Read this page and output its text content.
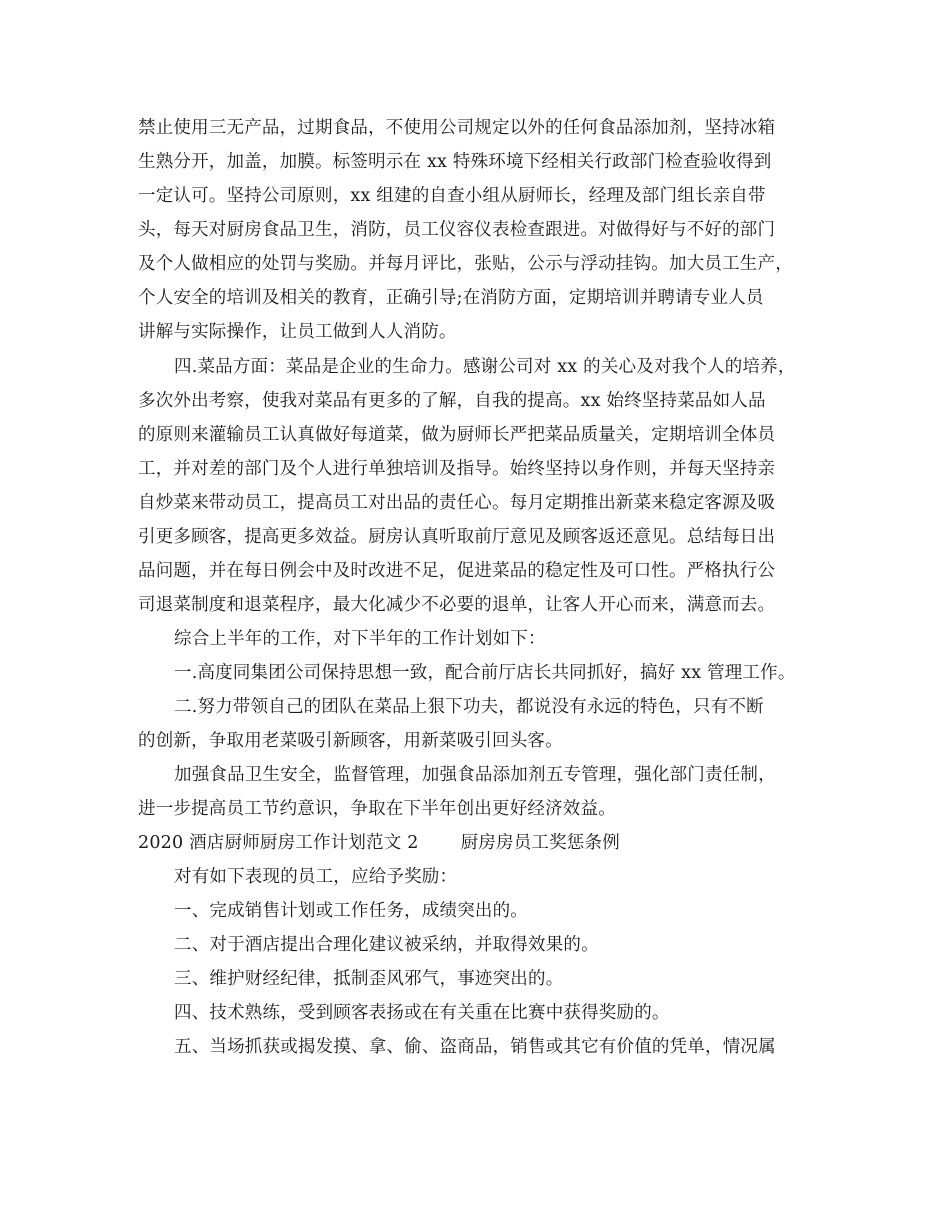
禁止使用三无产品，过期食品，不使用公司规定以外的任何食品添加剂，坚持冰箱
生熟分开，加盖，加膜。标签明示在 xx 特殊环境下经相关行政部门检查验收得到
一定认可。坚持公司原则，xx 组建的自查小组从厨师长，经理及部门组长亲自带
头，每天对厨房食品卫生，消防，员工仪容仪表检查跟进。对做得好与不好的部门
及个人做相应的处罚与奖励。并每月评比，张贴，公示与浮动挂钩。加大员工生产，
个人安全的培训及相关的教育，正确引导;在消防方面，定期培训并聘请专业人员
讲解与实际操作，让员工做到人人消防。
四.菜品方面：菜品是企业的生命力。感谢公司对 xx 的关心及对我个人的培养，
多次外出考察，使我对菜品有更多的了解，自我的提高。xx 始终坚持菜品如人品
的原则来灌输员工认真做好每道菜，做为厨师长严把菜品质量关，定期培训全体员
工，并对差的部门及个人进行单独培训及指导。始终坚持以身作则，并每天坚持亲
自炒菜来带动员工，提高员工对出品的责任心。每月定期推出新菜来稳定客源及吸
引更多顾客，提高更多效益。厨房认真听取前厅意见及顾客返还意见。总结每日出
品问题，并在每日例会中及时改进不足，促进菜品的稳定性及可口性。严格执行公
司退菜制度和退菜程序，最大化减少不必要的退单，让客人开心而来，满意而去。
综合上半年的工作，对下半年的工作计划如下：
一.高度同集团公司保持思想一致，配合前厅店长共同抓好，搞好 xx 管理工作。
二.努力带领自己的团队在菜品上狠下功夫，都说没有永远的特色，只有不断
的创新，争取用老菜吸引新顾客，用新菜吸引回头客。
加强食品卫生安全，监督管理，加强食品添加剂五专管理，强化部门责任制，
进一步提高员工节约意识，争取在下半年创出更好经济效益。
2020 酒店厨师厨房工作计划范文 2 厨房房员工奖惩条例
对有如下表现的员工，应给予奖励：
一、完成销售计划或工作任务，成绩突出的。
二、对于酒店提出合理化建议被采纳，并取得效果的。
三、维护财经纪律，抵制歪风邪气，事迹突出的。
四、技术熟练，受到顾客表扬或在有关重在比赛中获得奖励的。
五、当场抓获或揭发摸、拿、偷、盗商品，销售或其它有价值的凭单，情况属
